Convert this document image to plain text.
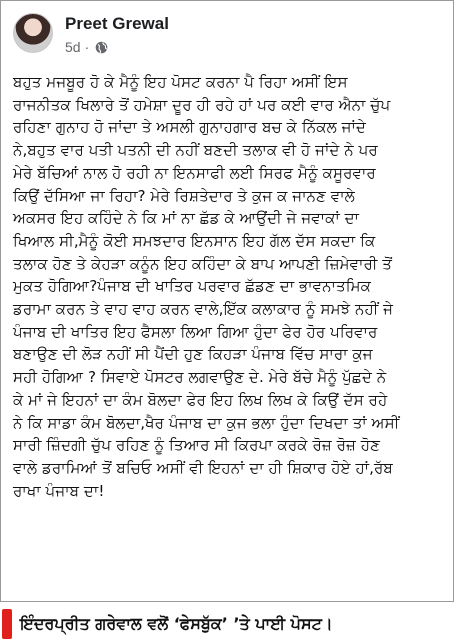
Preet Grewal
5d ·
ਬਹੁਤ ਮਜਬੂਰ ਹੋ ਕੇ ਮੈਨੂੰ ਇਹ ਪੋਸਟ ਕਰਨਾ ਪੈ ਰਿਹਾ ਅਸੀਂ ਇਸ
ਰਾਜਨੀਤਕ ਖਿਲਾਰੇ ਤੋਂ ਹਮੇਸ਼ਾ ਦੂਰ ਹੀ ਰਹੇ ਹਾਂ ਪਰ ਕਈ ਵਾਰ ਐਨਾ ਚੁੱਪ
ਰਹਿਣਾ ਗੁਨਾਹ ਹੋ ਜਾਂਦਾ ਤੇ ਅਸਲੀ ਗੁਨਾਹਗਾਰ ਬਚ ਕੇ ਨਿੱਕਲ ਜਾਂਦੇ
ਨੇ,ਬਹੁਤ ਵਾਰ ਪਤੀ ਪਤਨੀ ਦੀ ਨਹੀਂ ਬਣਦੀ ਤਲਾਕ ਵੀ ਹੋ ਜਾਂਦੇ ਨੇ ਪਰ
ਮੇਰੇ ਬੱਚਿਆਂ ਨਾਲ ਹੋ ਰਹੀ ਨਾ ਇਨਸਾਫੀ ਲਈ ਸਿਰਫ ਮੈਨੂੰ ਕਸੂਰਵਾਰ
ਕਿਉਂ ਦੱਸਿਆ ਜਾ ਰਿਹਾ? ਮੇਰੇ ਰਿਸ਼ਤੇਦਾਰ ਤੇ ਕੁਜ ਕ ਜਾਨਣ ਵਾਲੇ
ਅਕਸਰ ਇਹ ਕਹਿੰਦੇ ਨੇ ਕਿ ਮਾਂ ਨਾ ਛੱਡ ਕੇ ਆਉਂਦੀ ਜੇ ਜਵਾਕਾਂ ਦਾ
ਖਿਆਲ ਸੀ,ਮੈਨੂੰ ਕੋਈ ਸਮਝਦਾਰ ਇਨਸਾਨ ਇਹ ਗੱਲ ਦੱਸ ਸਕਦਾ ਕਿ
ਤਲਾਕ ਹੋਣ ਤੇ ਕੇਹੜਾ ਕਨੂੰਨ ਇਹ ਕਹਿੰਦਾ ਕੇ ਬਾਪ ਆਪਣੀ ਜ਼ਿਮੇਵਾਰੀ ਤੋਂ
ਮੁਕਤ ਹੋਗਿਆ?ਪੰਜਾਬ ਦੀ ਖਾਤਿਰ ਪਰਵਾਰ ਛੱਡਣ ਦਾ ਭਾਵਨਾਤਮਿਕ
ਡਰਾਮਾ ਕਰਨ ਤੇ ਵਾਹ ਵਾਹ ਕਰਨ ਵਾਲੇ,ਇੱਕ ਕਲਾਕਾਰ ਨੂੰ ਸਮਝੇ ਨਹੀਂ ਜੇ
ਪੰਜਾਬ ਦੀ ਖਾਤਿਰ ਇਹ ਫੈਸਲਾ ਲਿਆ ਗਿਆ ਹੁੰਦਾ ਫੇਰ ਹੋਰ ਪਰਿਵਾਰ
ਬਣਾਉਣ ਦੀ ਲੋੜ ਨਹੀਂ ਸੀ ਪੈਂਦੀ ਹੁਣ ਕਿਹੜਾ ਪੰਜਾਬ ਵਿੱਚ ਸਾਰਾ ਕੁਜ
ਸਹੀ ਹੋਗਿਆ ? ਸਿਵਾਏ ਪੋਸਟਰ ਲਗਵਾਉਣ ਦੇ. ਮੇਰੇ ਬੱਚੇ ਮੈਨੂੰ ਪੁੱਛਦੇ ਨੇ
ਕੇ ਮਾਂ ਜੇ ਇਹਨਾਂ ਦਾ ਕੰਮ ਬੋਲਦਾ ਫੇਰ ਇਹ ਲਿਖ ਲਿਖ ਕੇ ਕਿਉਂ ਦੱਸ ਰਹੇ
ਨੇ ਕਿ ਸਾਡਾ ਕੰਮ ਬੋਲਦਾ,ਖੈਰ ਪੰਜਾਬ ਦਾ ਕੁਜ ਭਲਾ ਹੁੰਦਾ ਦਿਖਦਾ ਤਾਂ ਅਸੀਂ
ਸਾਰੀ ਜ਼ਿੰਦਗੀ ਚੁੱਪ ਰਹਿਣ ਨੂੰ ਤਿਆਰ ਸੀ ਕਿਰਪਾ ਕਰਕੇ ਰੋਜ਼ ਰੋਜ਼ ਹੋਣ
ਵਾਲੇ ਡਰਾਮਿਆਂ ਤੋਂ ਬਚਿਓ ਅਸੀਂ ਵੀ ਇਹਨਾਂ ਦਾ ਹੀ ਸ਼ਿਕਾਰ ਹੋਏ ਹਾਂ,ਰੱਬ
ਰਾਖਾ ਪੰਜਾਬ ਦਾ!
ਇੰਦਰਪ੍ਰੀਤ ਗਰੇਵਾਲ ਵਲੋਂ ‘ਫੇਸਬੁੱਕ’ ’ਤੇ ਪਾਈ ਪੋਸਟ।
